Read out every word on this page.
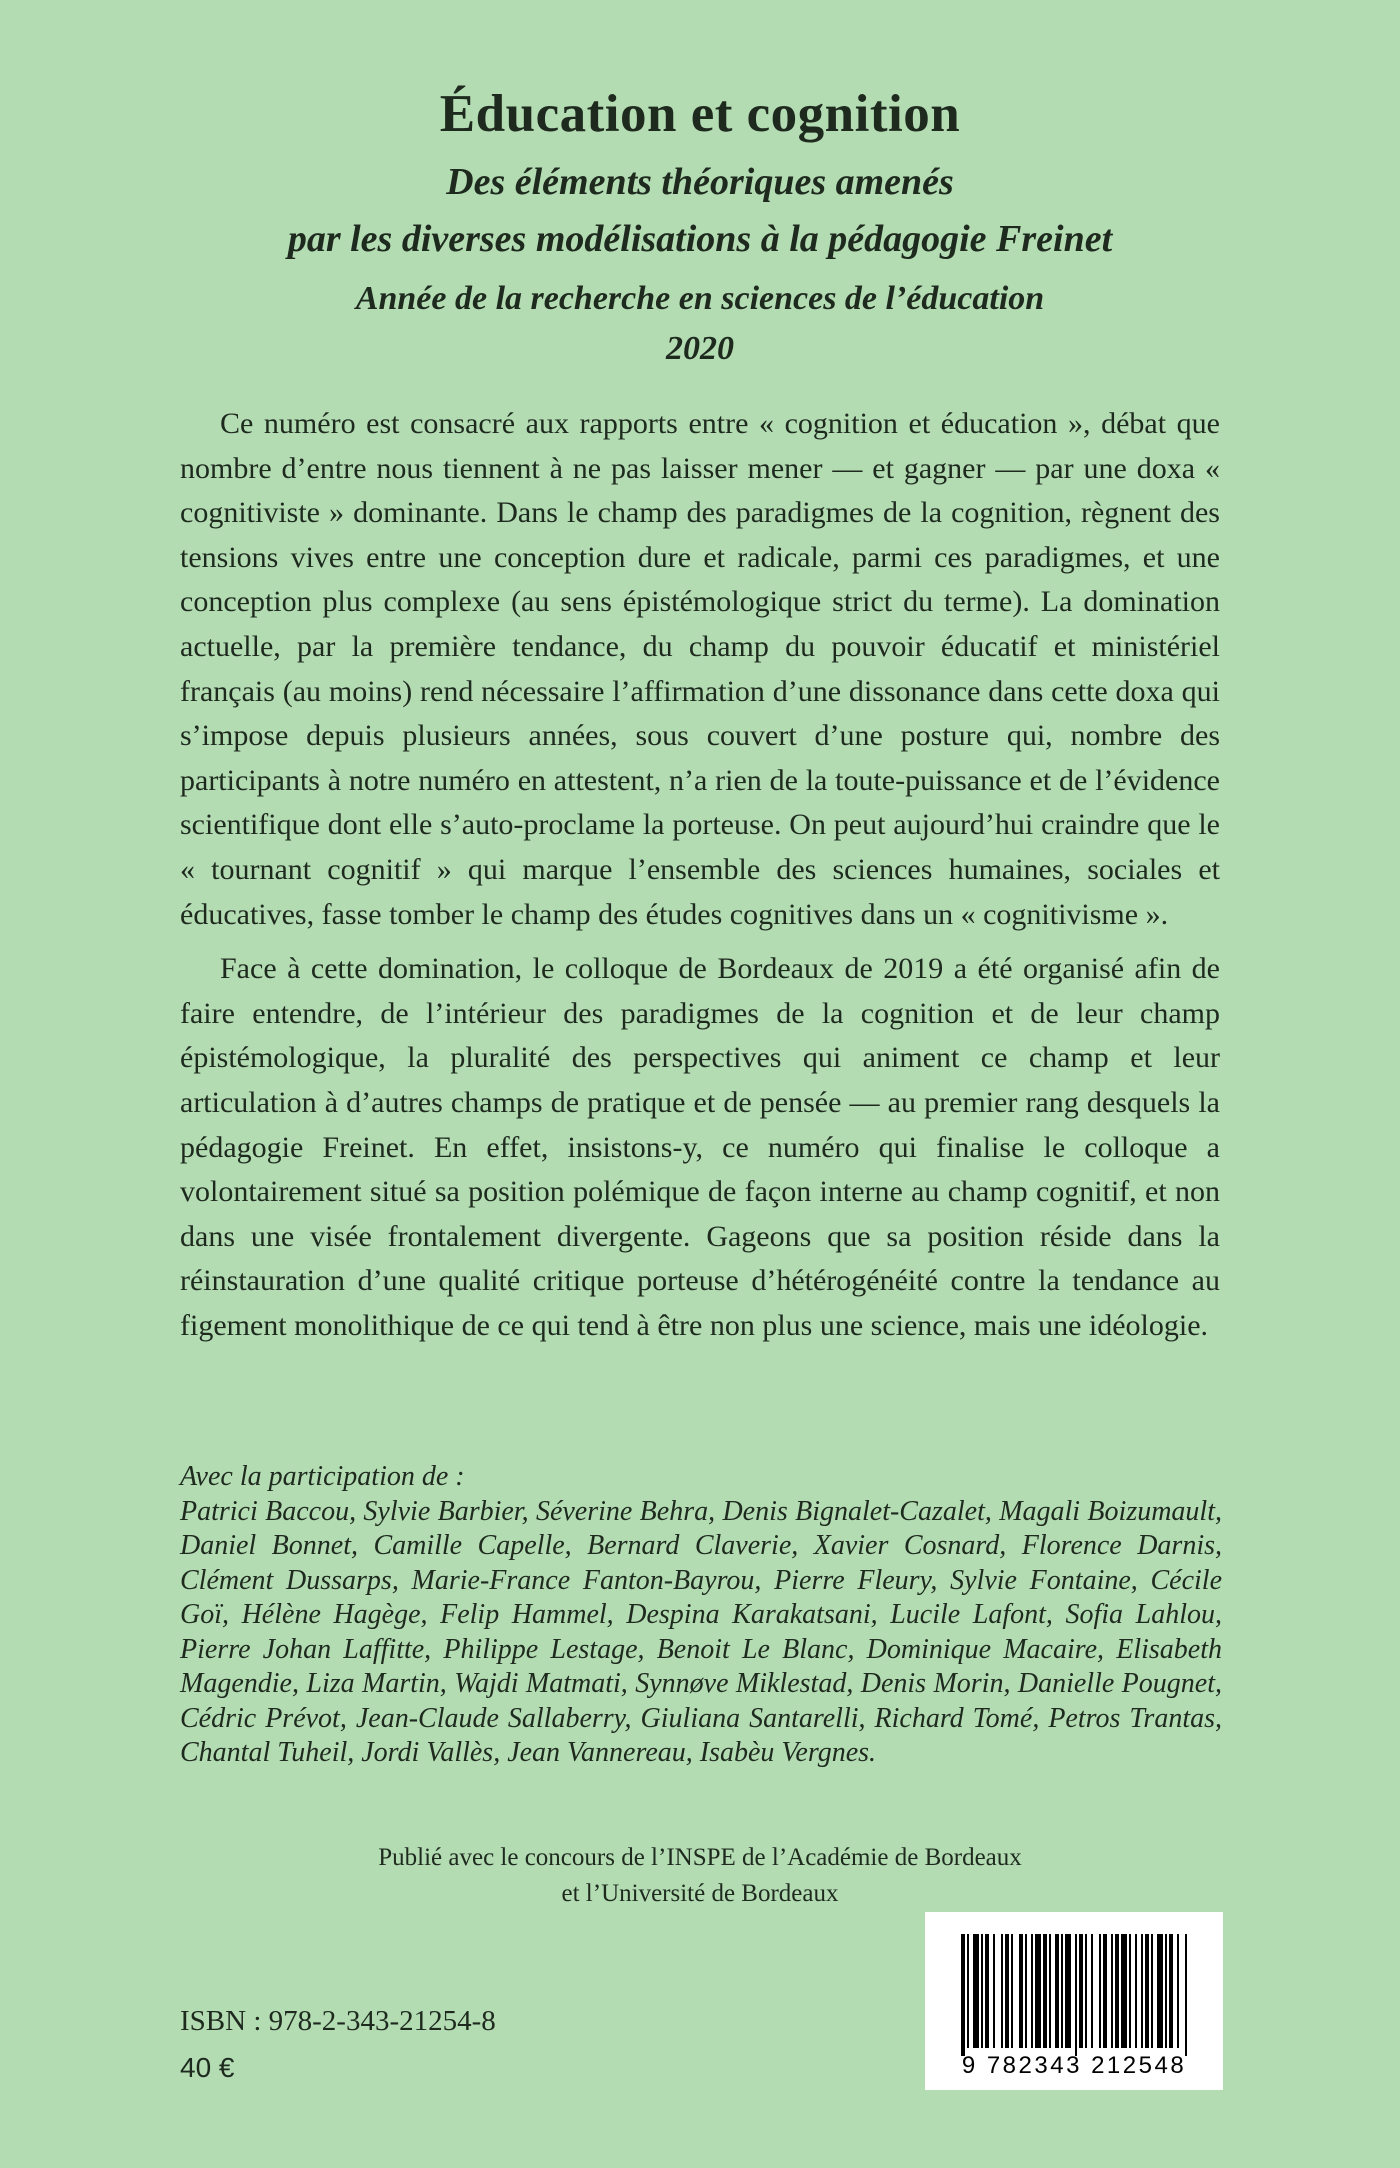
Éducation et cognition
Des éléments théoriques amenés
par les diverses modélisations à la pédagogie Freinet
Année de la recherche en sciences de l’éducation
2020

Ce numéro est consacré aux rapports entre « cognition et éducation », débat que nombre d’entre nous tiennent à ne pas laisser mener — et gagner — par une doxa « cognitiviste » dominante. Dans le champ des paradigmes de la cognition, règnent des tensions vives entre une conception dure et radicale, parmi ces paradigmes, et une conception plus complexe (au sens épistémologique strict du terme). La domination actuelle, par la première tendance, du champ du pouvoir éducatif et ministériel français (au moins) rend nécessaire l’affirmation d’une dissonance dans cette doxa qui s’impose depuis plusieurs années, sous couvert d’une posture qui, nombre des participants à notre numéro en attestent, n’a rien de la toute-puissance et de l’évidence scientifique dont elle s’auto-proclame la porteuse. On peut aujourd’hui craindre que le « tournant cognitif » qui marque l’ensemble des sciences humaines, sociales et éducatives, fasse tomber le champ des études cognitives dans un « cognitivisme ».

Face à cette domination, le colloque de Bordeaux de 2019 a été organisé afin de faire entendre, de l’intérieur des paradigmes de la cognition et de leur champ épistémologique, la pluralité des perspectives qui animent ce champ et leur articulation à d’autres champs de pratique et de pensée — au premier rang desquels la pédagogie Freinet. En effet, insistons-y, ce numéro qui finalise le colloque a volontairement situé sa position polémique de façon interne au champ cognitif, et non dans une visée frontalement divergente. Gageons que sa position réside dans la réinstauration d’une qualité critique porteuse d’hétérogénéité contre la tendance au figement monolithique de ce qui tend à être non plus une science, mais une idéologie.

Avec la participation de :
Patrici Baccou, Sylvie Barbier, Séverine Behra, Denis Bignalet-Cazalet, Magali Boizumault, Daniel Bonnet, Camille Capelle, Bernard Claverie, Xavier Cosnard, Florence Darnis, Clément Dussarps, Marie-France Fanton-Bayrou, Pierre Fleury, Sylvie Fontaine, Cécile Goï, Hélène Hagège, Felip Hammel, Despina Karakatsani, Lucile Lafont, Sofia Lahlou, Pierre Johan Laffitte, Philippe Lestage, Benoit Le Blanc, Dominique Macaire, Elisabeth Magendie, Liza Martin, Wajdi Matmati, Synnøve Miklestad, Denis Morin, Danielle Pougnet, Cédric Prévot, Jean-Claude Sallaberry, Giuliana Santarelli, Richard Tomé, Petros Trantas, Chantal Tuheil, Jordi Vallès, Jean Vannereau, Isabèu Vergnes.
Publié avec le concours de l’INSPE de l’Académie de Bordeaux
et l’Université de Bordeaux
ISBN : 978-2-343-21254-8
40 €	9 782343 212548
